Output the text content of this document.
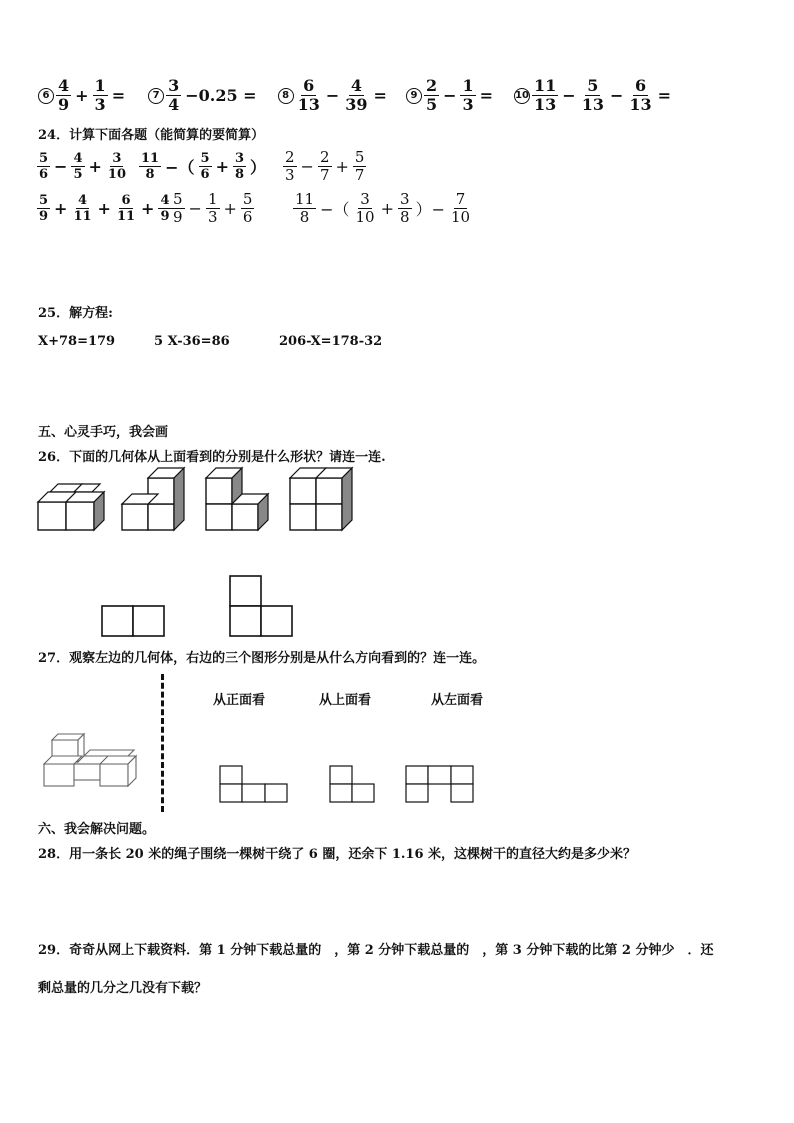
$6 \frac{4}{9} + \frac{1}{3}$ =	$7 \frac{3}{4} -0.25$ =	$8 \frac{6}{13} - \frac{4}{39}$ =	$9 \frac{2}{5} - \frac{1}{3} = 10 \frac{11}{13} - \frac{5}{13} - \frac{6}{13}$ =
24．计算下面各题（能简算的要简算）
$\frac{5}{6} - \frac{4}{5} + \frac{3}{10} \frac{11}{8}$ −（ $\frac{5}{6} + \frac{3}{8}$ ） $\frac{2}{3} - \frac{2}{7} + \frac{5}{7}$
$\frac{5}{9} + \frac{4}{11} + \frac{6}{11} + \frac{4}{9} \frac{5}{9} - \frac{1}{3} + \frac{5}{6}$	$\frac{11}{8}$ −（ $\frac{3}{10} + \frac{3}{8}$ ）− $\frac{7}{10}$
25．解方程:
X+78=179	5 X-36=86	206-X=178-32
五、心灵手巧，我会画
26．下面的几何体从上面看到的分别是什么形状？请连一连.
27．观察左边的几何体，右边的三个图形分别是从什么方向看到的？连一连。
从正面看	从上面看	从左面看
六、我会解决问题。
28．用一条长 20 米的绳子围绕一棵树干绕了 6 圈，还余下 1.16 米，这棵树干的直径大约是多少米？
29．奇奇从网上下载资料．第 1 分钟下载总量的　，第 2 分钟下载总量的　，第 3 分钟下载的比第 2 分钟少　．还
剩总量的几分之几没有下载？
